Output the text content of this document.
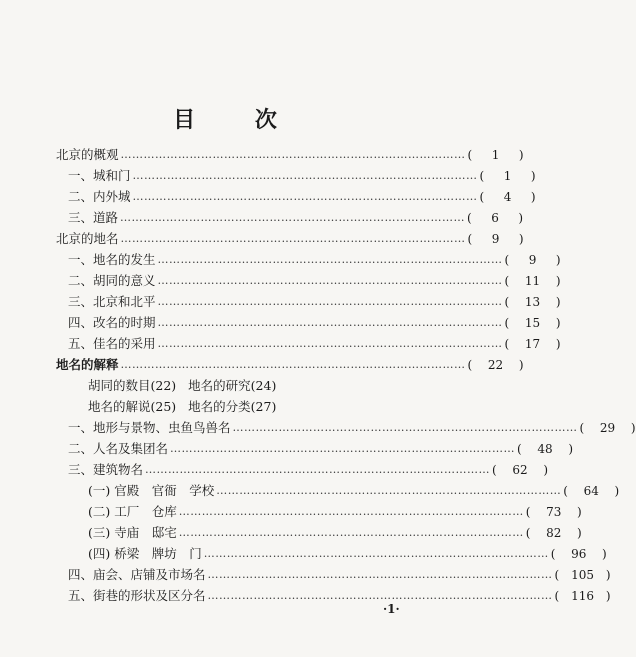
目 次
北京的概观 ……………………………………………………………………………… (	1	)
一、城和门 ……………………………………………………………………………… (	1	)
二、内外城 ……………………………………………………………………………… (	4	)
三、道路 ……………………………………………………………………………… (	6	)
北京的地名 ……………………………………………………………………………… (	9	)
一、地名的发生 ……………………………………………………………………………… (	9	)
二、胡同的意义 ……………………………………………………………………………… (	11	)
三、北京和北平 ……………………………………………………………………………… (	13	)
四、改名的时期 ……………………………………………………………………………… (	15	)
五、佳名的采用 ……………………………………………………………………………… (	17	)
地名的解释 ……………………………………………………………………………… (	22	)
胡同的数目(22) 地名的研究(24)
地名的解说(25) 地名的分类(27)
一、地形与景物、虫鱼鸟兽名 ……………………………………………………………………………… (	29	)
二、人名及集团名 ……………………………………………………………………………… (	48	)
三、建筑物名 ……………………………………………………………………………… (	62	)
(一) 官殿　官衙　学校 ……………………………………………………………………………… (	64	)
(二) 工厂　仓库 ……………………………………………………………………………… (	73	)
(三) 寺庙　邸宅 ……………………………………………………………………………… (	82	)
(四) 桥梁　牌坊　门 ……………………………………………………………………………… (	96	)
四、庙会、店铺及市场名 ……………………………………………………………………………… ( 105 )
五、街巷的形状及区分名 ……………………………………………………………………………… ( 116 )
·1·
